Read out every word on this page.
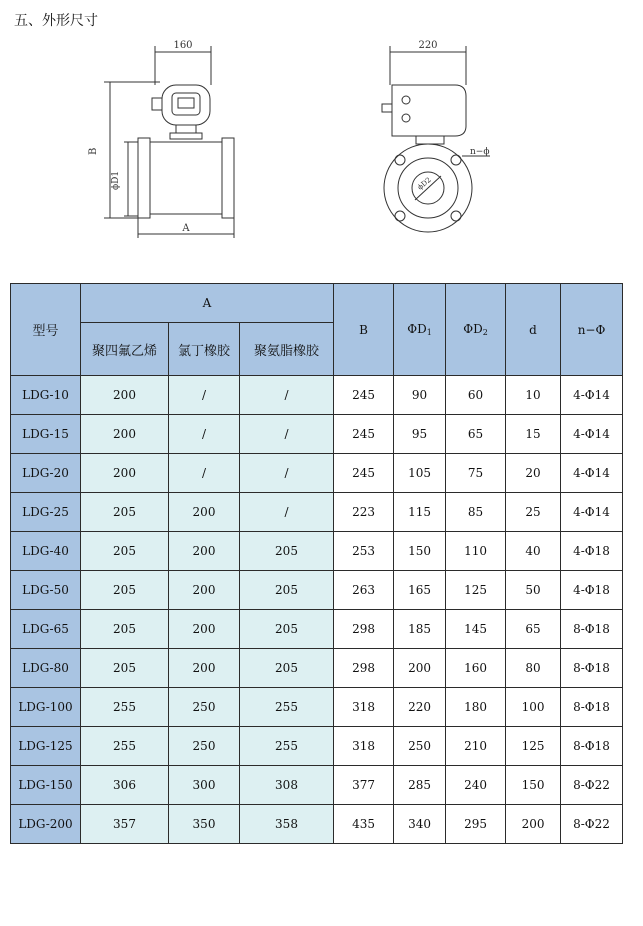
五、外形尺寸
160
B
ϕD1
A
220
n−ϕ
ϕD2
型号	A			B	$\Phi D_1$	$\Phi D_2$	d	n−Φ
	聚四氟乙烯	氯丁橡胶	聚氨脂橡胶					
LDG-10	200	/	/	245	90	60	10	4-Φ14
LDG-15	200	/	/	245	95	65	15	4-Φ14
LDG-20	200	/	/	245	105	75	20	4-Φ14
LDG-25	205	200	/	223	115	85	25	4-Φ14
LDG-40	205	200	205	253	150	110	40	4-Φ18
LDG-50	205	200	205	263	165	125	50	4-Φ18
LDG-65	205	200	205	298	185	145	65	8-Φ18
LDG-80	205	200	205	298	200	160	80	8-Φ18
LDG-100	255	250	255	318	220	180	100	8-Φ18
LDG-125	255	250	255	318	250	210	125	8-Φ18
LDG-150	306	300	308	377	285	240	150	8-Φ22
LDG-200	357	350	358	435	340	295	200	8-Φ22
